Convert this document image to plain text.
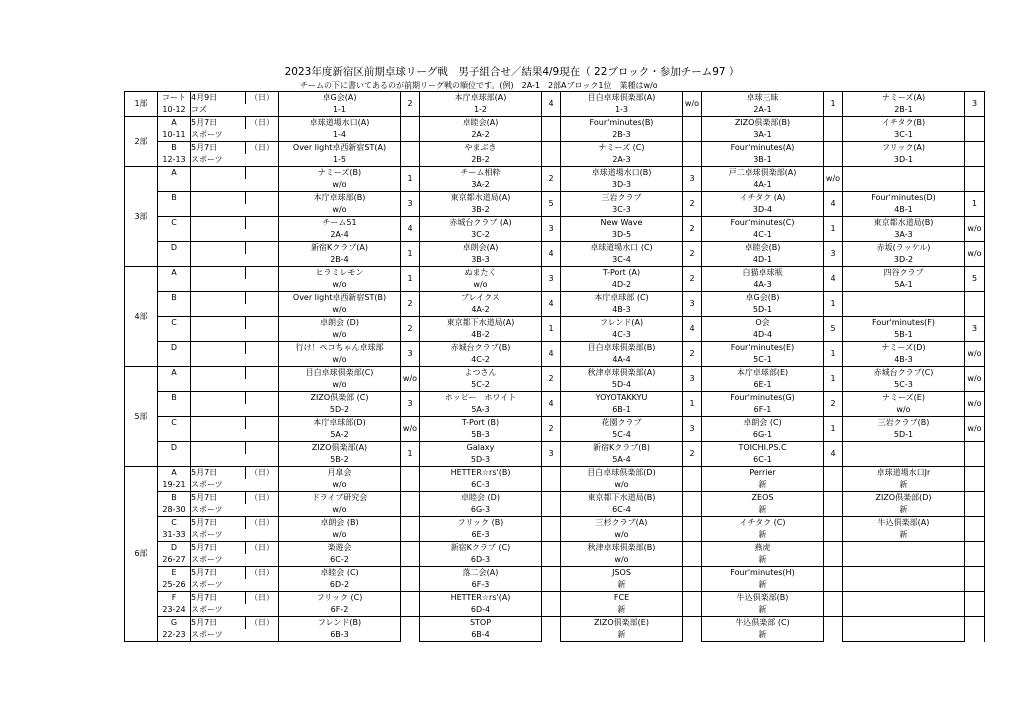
2023年度新宿区前期卓球リーグ戦　男子組合せ／結果4/9現在（ 22ブロック・参加チーム97 ）
チームの下に書いてあるのが前期リーグ戦の順位です。(例)　2A-1　2部Aブロック1位　業種はw/o
1部	コート	4月9日	（日）	卓G会(A)	2	本庁卓球部(A)	4	目白卓球倶楽部(A)	w/o	卓球三昧	1	ナミーズ(A)	3
	10-12	コズ		1-1		1-2		1-3		2A-1		2B-1	
2部	A	5月7日	（日）	卓球道場水口(A)		卓睦会(A)		Four'minutes(B)		ZIZO倶楽部(B)		イチタク(B)	
	10-11	スポーツ		1-4		2A-2		2B-3		3A-1		3C-1	
	B	5月7日	（日）	Over light卓西新宿ST(A)		やまぶき		ナミーズ (C)		Four'minutes(A)		フリック(A)	
	12-13	スポーツ		1-5		2B-2		2A-3		3B-1		3D-1	
3部	A			ナミーズ(B)	1	チーム相粋	2	卓球道場水口(B)	3	戸二卓球倶楽部(A)	w/o		
				w/o		3A-2		3D-3		4A-1			
	B			本庁卓球部(B)	3	東京都水道局(A)	5	三岩クラブ	2	イチタク (A)	4	Four'minutes(D)	1
				w/o		3B-2		3C-3		3D-4		4B-1	
	C			チーム51	4	赤城台クラブ (A)	3	New Wave	2	Four'minutes(C)	1	東京都水道局(B)	w/o
				2A-4		3C-2		3D-5		4C-1		3A-3	
	D			新宿Kクラブ(A)	1	卓朗会(A)	4	卓球道場水口 (C)	2	卓睦会(B)	3	赤坂(ラッケル)	w/o
				2B-4		3B-3		3C-4		4D-1		3D-2	
4部	A			ヒラミレモン	1	ぬまたく	3	T-Port (A)	2	白猫卓球瓶	4	四谷クラブ	5
				w/o		w/o		4D-2		4A-3		5A-1	
	B			Over light卓西新宿ST(B)	2	ブレイクス	4	本庁卓球部 (C)	3	卓G会(B)	1		
				w/o		4A-2		4B-3		5D-1			
	C			卓朗会 (D)	2	東京都下水道局(A)	1	フレンド(A)	4	O会	5	Four'minutes(F)	3
				w/o		4B-2		4C-3		4D-4		5B-1	
	D			行け！ぺコちゃん卓球部	3	赤城台クラブ(B)	4	目白卓球倶楽部(B)	2	Four'minutes(E)	1	ナミーズ(D)	w/o
				w/o		4C-2		4A-4		5C-1		4B-3	
5部	A			目白卓球倶楽部(C)	w/o	よつさん	2	秋津卓球倶楽部(A)	3	本庁卓球部(E)	1	赤城台クラブ(C)	w/o
				w/o		5C-2		5D-4		6E-1		5C-3	
	B			ZIZO倶楽部 (C)	3	ホッピー　ホワイト	4	YOYOTAKKYU	1	Four'minutes(G)	2	ナミーズ(E)	w/o
				5D-2		5A-3		6B-1		6F-1		w/o	
	C			本庁卓球部(D)	w/o	T-Port (B)	2	花園クラブ	3	卓朗会 (C)	1	三岩クラブ(B)	w/o
				5A-2		5B-3		5C-4		6G-1		5D-1	
	D			ZIZO倶楽部(A)	1	Galaxy	3	新宿Kクラブ(B)	2	TOICHI.PS.C	4		
				5B-2		5D-3		5A-4		6C-1			
6部	A	5月7日	（日）	月皐会		HETTER☆rs'(B)		目白卓球倶楽部(D)		Perrier		卓球道場水口Jr	
	19-21	スポーツ		w/o		6C-3		w/o		新		新	
	B	5月7日	（日）	ドライブ研究会		卓睦会 (D)		東京都下水道局(B)		ZEOS		ZIZO倶楽部(D)	
	28-30	スポーツ		w/o		6G-3		6C-4		新		新	
	C	5月7日	（日）	卓朗会 (B)		フリック (B)		三杉クラブ(A)		イチタク (C)		牛込倶楽部(A)	
	31-33	スポーツ		w/o		6E-3		w/o		新		新	
	D	5月7日	（日）	楽遊会		新宿Kクラブ (C)		秋津卓球倶楽部(B)		燕虎			
	26-27	スポーツ		6C-2		6D-3		w/o		新			
	E	5月7日	（日）	卓睦会 (C)		落二会(A)		JSOS		Four'minutes(H)			
	25-26	スポーツ		6D-2		6F-3		新		新			
	F	5月7日	（日）	フリック (C)		HETTER☆rs'(A)		FCE		牛込倶楽部(B)			
	23-24	スポーツ		6F-2		6D-4		新		新			
	G	5月7日	（日）	フレンド(B)		STOP		ZIZO倶楽部(E)		牛込倶楽部 (C)			
	22-23	スポーツ		6B-3		6B-4		新		新			
